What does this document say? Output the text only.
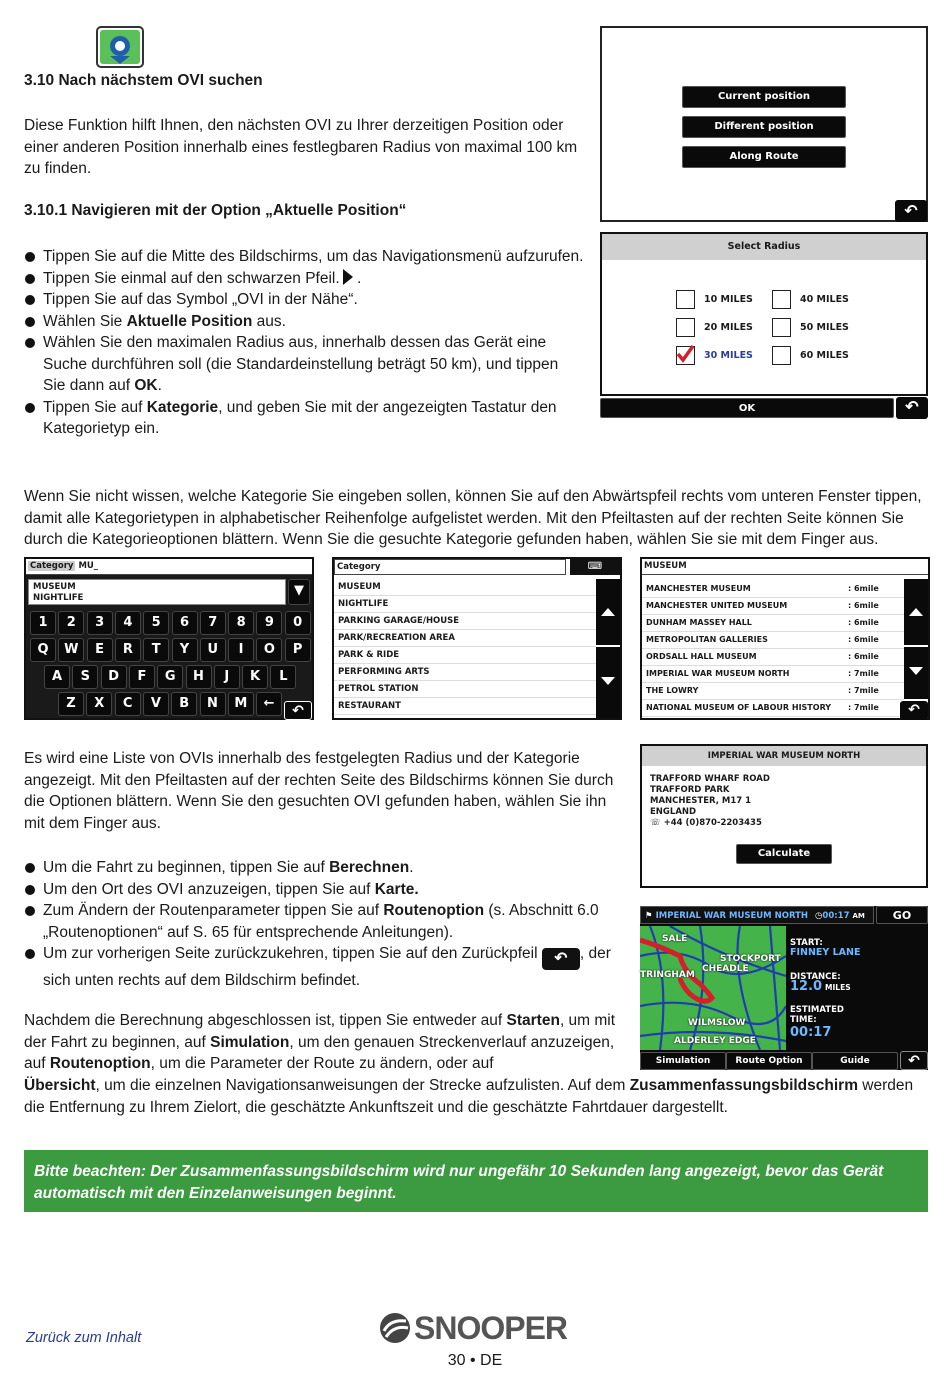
3.10 Nach nächstem OVI suchen

Diese Funktion hilft Ihnen, den nächsten OVI zu Ihrer derzeitigen Position oder einer anderen Position innerhalb eines festlegbaren Radius von maximal 100 km zu finden.

3.10.1 Navigieren mit der Option „Aktuelle Position“
Tippen Sie auf die Mitte des Bildschirms, um das Navigationsmenü aufzurufen.
Tippen Sie einmal auf den schwarzen Pfeil. .
Tippen Sie auf das Symbol „OVI in der Nähe“.
Wählen Sie Aktuelle Position aus.
Wählen Sie den maximalen Radius aus, innerhalb dessen das Gerät eine Suche durchführen soll (die Standardeinstellung beträgt 50 km), und tippen Sie dann auf OK.
Tippen Sie auf Kategorie, und geben Sie mit der angezeigten Tastatur den Kategorietyp ein.
Current position
Different position
Along Route
↶
Select Radius
10 MILES	40 MILES
20 MILES	50 MILES
30 MILES	60 MILES
OK	↶

Wenn Sie nicht wissen, welche Kategorie Sie eingeben sollen, können Sie auf den Abwärtspfeil rechts vom unteren Fenster tippen, damit alle Kategorietypen in alphabetischer Reihenfolge aufgelistet werden. Mit den Pfeiltasten auf der rechten Seite können Sie durch die Kategorieoptionen blättern. Wenn Sie die gesuchte Kategorie gefunden haben, wählen Sie sie mit dem Finger aus.

Category MU_
MUSEUM
NIGHTLIFE	▼
1	2	3	4	5	6	7	8	9	0
Q	W	E	R	T	Y	U	I	O	P
A	S	D	F	G	H	J	K	L
Z	X	C	V	B	N	M	←	↶
Category	⌨
MUSEUM
NIGHTLIFE
PARKING GARAGE/HOUSE
PARK/RECREATION AREA
PARK & RIDE
PERFORMING ARTS
PETROL STATION
RESTAURANT
MUSEUM
MANCHESTER MUSEUM	: 6mile
MANCHESTER UNITED MUSEUM	: 6mile
DUNHAM MASSEY HALL	: 6mile
METROPOLITAN GALLERIES	: 6mile
ORDSALL HALL MUSEUM	: 6mile
IMPERIAL WAR MUSEUM NORTH	: 7mile
THE LOWRY	: 7mile
NATIONAL MUSEUM OF LABOUR HISTORY : 7mile	↶

Es wird eine Liste von OVIs innerhalb des festgelegten Radius und der Kategorie angezeigt. Mit den Pfeiltasten auf der rechten Seite des Bildschirms können Sie durch die Optionen blättern. Wenn Sie den gesuchten OVI gefunden haben, wählen Sie ihn mit dem Finger aus.

Um die Fahrt zu beginnen, tippen Sie auf Berechnen.
Um den Ort des OVI anzuzeigen, tippen Sie auf Karte.
Zum Ändern der Routenparameter tippen Sie auf Routenoption (s. Abschnitt 6.0 „Routenoptionen“ auf S. 65 für entsprechende Anleitungen).
Um zur vorherigen Seite zurückzukehren, tippen Sie auf den Zurückpfeil ↶ , der sich unten rechts auf dem Bildschirm befindet.
IMPERIAL WAR MUSEUM NORTH
TRAFFORD WHARF ROAD
TRAFFORD PARK
MANCHESTER, M17 1
ENGLAND
☏ +44 (0)870-2203435
Calculate
⚑ IMPERIAL WAR MUSEUM NORTH ◷00:17 AM	GO
SALE
STOCKPORT
CHEADLE
TRINGHAM
WILMSLOW
ALDERLEY EDGE
START:
FINNEY LANE
DISTANCE:
12.0 MILES
ESTIMATED TIME:
00:17
Simulation	Route Option	Guide	↶

Nachdem die Berechnung abgeschlossen ist, tippen Sie entweder auf Starten, um mit der Fahrt zu beginnen, auf Simulation, um den genauen Streckenverlauf anzuzeigen, auf Routenoption, um die Parameter der Route zu ändern, oder auf

Übersicht, um die einzelnen Navigationsanweisungen der Strecke aufzulisten. Auf dem Zusammenfassungsbildschirm werden die Entfernung zu Ihrem Zielort, die geschätzte Ankunftszeit und die geschätzte Fahrtdauer dargestellt.

Bitte beachten: Der Zusammenfassungsbildschirm wird nur ungefähr 10 Sekunden lang angezeigt, bevor das Gerät automatisch mit den Einzelanweisungen beginnt.
Zurück zum Inhalt	SNOOPER
30 • DE
